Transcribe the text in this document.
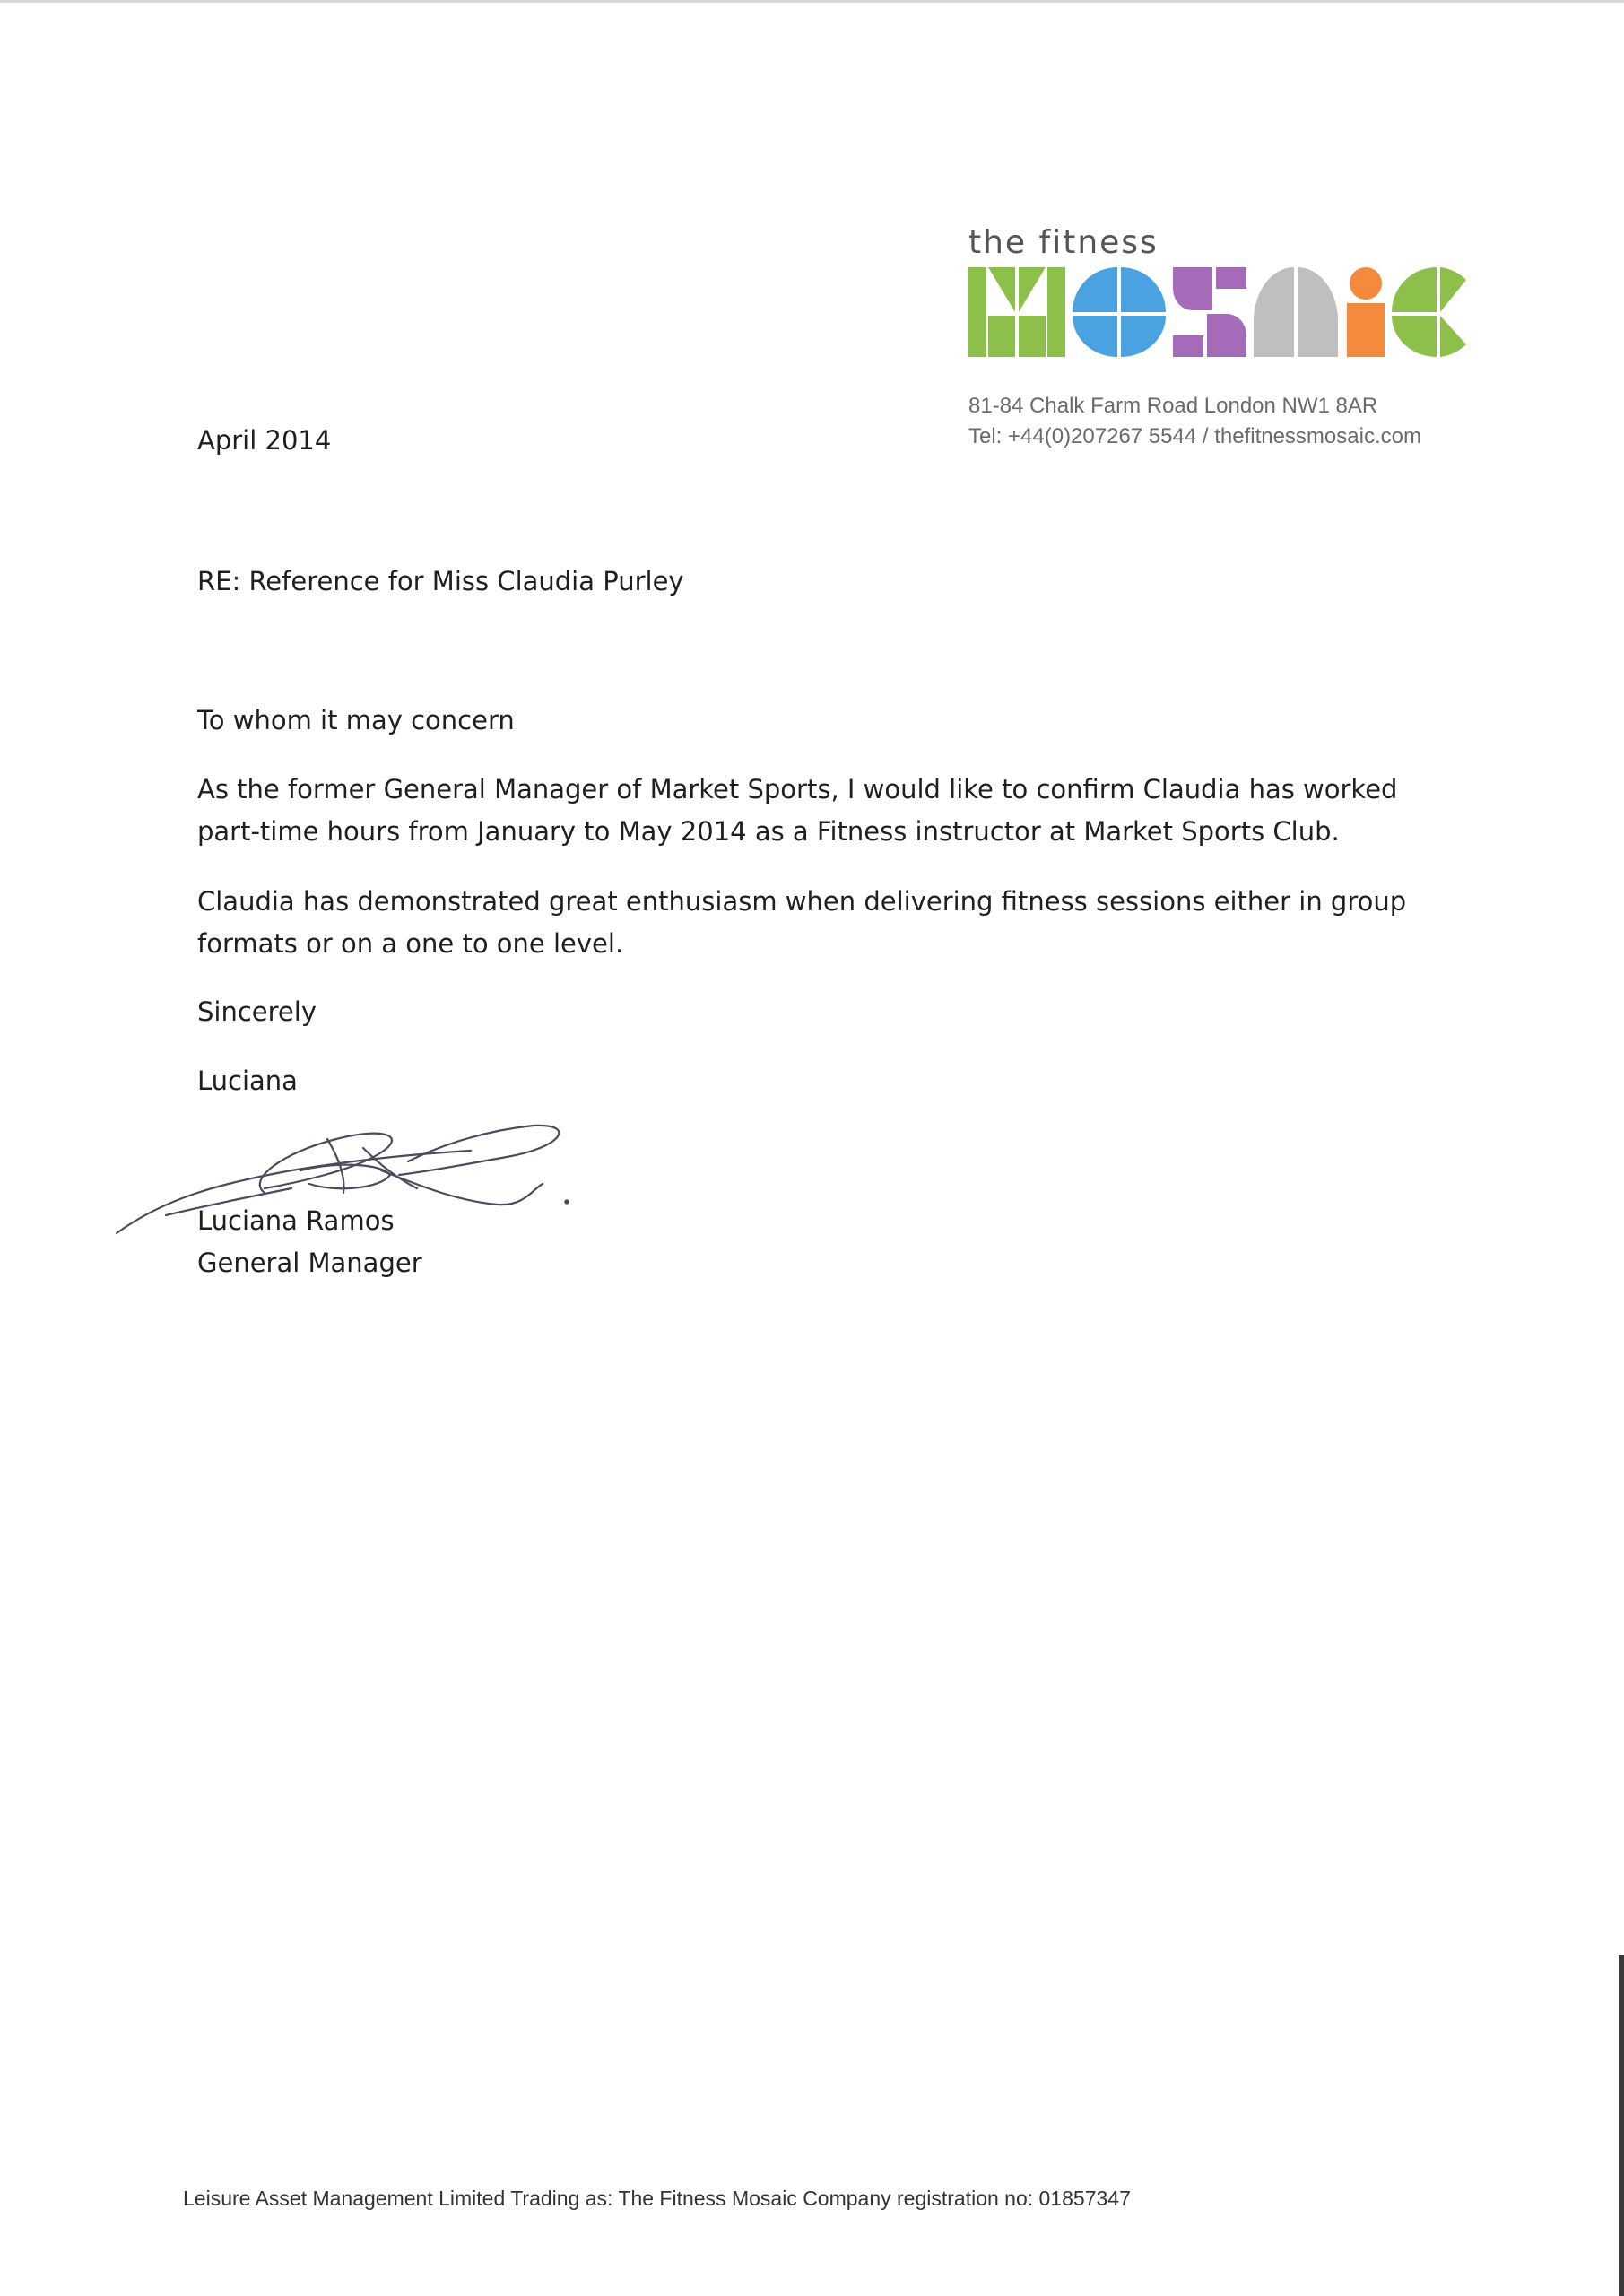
the fitness
81-84 Chalk Farm Road London NW1 8AR
Tel: +44(0)207267 5544 / thefitnessmosaic.com
April 2014
RE: Reference for Miss Claudia Purley
To whom it may concern
As the former General Manager of Market Sports, I would like to confirm Claudia has worked part-time hours from January to May 2014 as a Fitness instructor at Market Sports Club.
Claudia has demonstrated great enthusiasm when delivering fitness sessions either in group formats or on a one to one level.
Sincerely
Luciana
Luciana Ramos
General Manager
Leisure Asset Management Limited Trading as: The Fitness Mosaic Company registration no: 01857347
